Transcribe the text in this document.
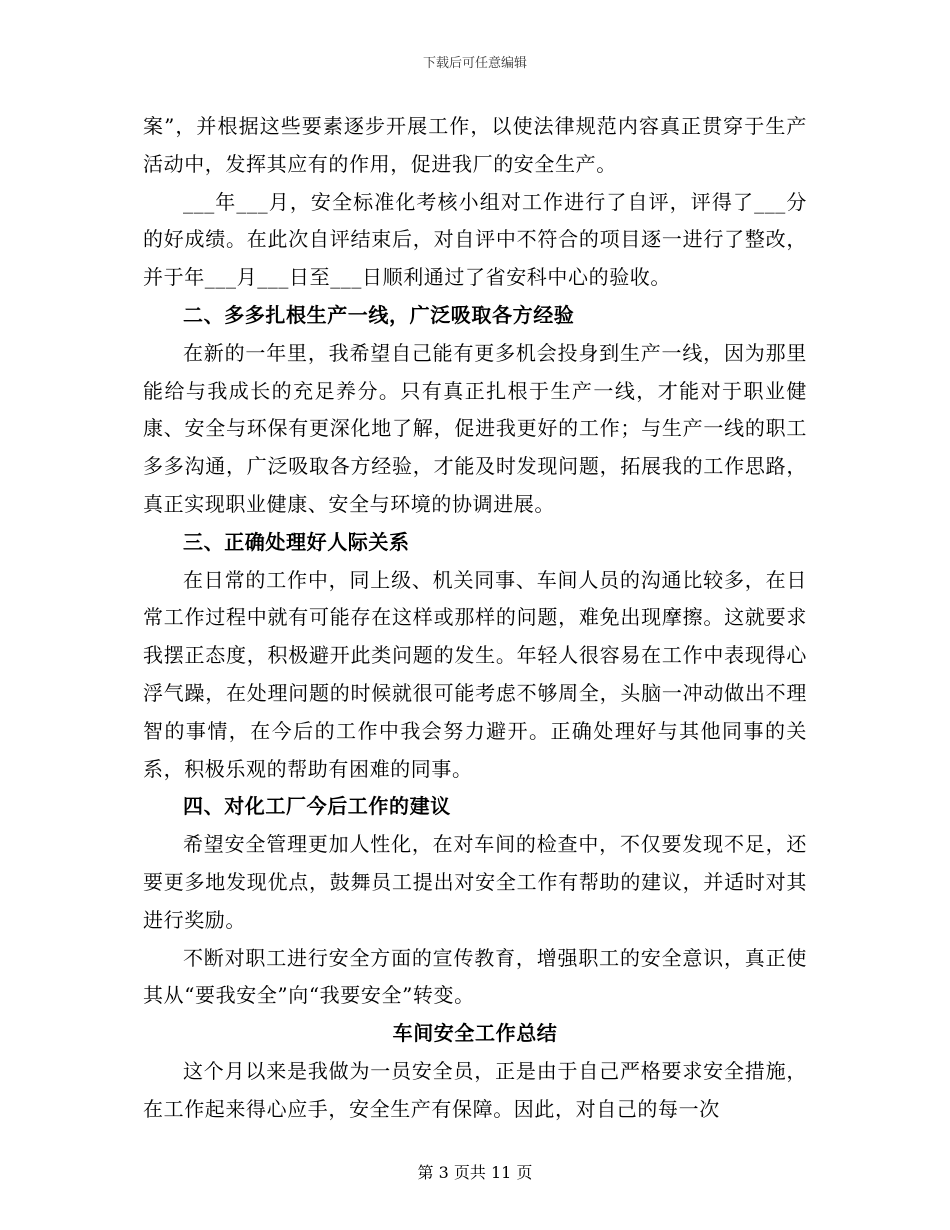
下载后可任意编辑

案”，并根据这些要素逐步开展工作，以使法律规范内容真正贯穿于生产活动中，发挥其应有的作用，促进我厂的安全生产。

___年___月，安全标准化考核小组对工作进行了自评，评得了___分的好成绩。在此次自评结束后，对自评中不符合的项目逐一进行了整改，并于年___月___日至___日顺利通过了省安科中心的验收。

二、多多扎根生产一线，广泛吸取各方经验

在新的一年里，我希望自己能有更多机会投身到生产一线，因为那里能给与我成长的充足养分。只有真正扎根于生产一线，才能对于职业健康、安全与环保有更深化地了解，促进我更好的工作；与生产一线的职工多多沟通，广泛吸取各方经验，才能及时发现问题，拓展我的工作思路，真正实现职业健康、安全与环境的协调进展。

三、正确处理好人际关系

在日常的工作中，同上级、机关同事、车间人员的沟通比较多，在日常工作过程中就有可能存在这样或那样的问题，难免出现摩擦。这就要求我摆正态度，积极避开此类问题的发生。年轻人很容易在工作中表现得心浮气躁，在处理问题的时候就很可能考虑不够周全，头脑一冲动做出不理智的事情，在今后的工作中我会努力避开。正确处理好与其他同事的关系，积极乐观的帮助有困难的同事。

四、对化工厂今后工作的建议

希望安全管理更加人性化，在对车间的检查中，不仅要发现不足，还要更多地发现优点，鼓舞员工提出对安全工作有帮助的建议，并适时对其进行奖励。

不断对职工进行安全方面的宣传教育，增强职工的安全意识，真正使其从“要我安全”向“我要安全”转变。

车间安全工作总结

这个月以来是我做为一员安全员，正是由于自己严格要求安全措施，在工作起来得心应手，安全生产有保障。因此，对自己的每一次

第 3 页共 11 页
